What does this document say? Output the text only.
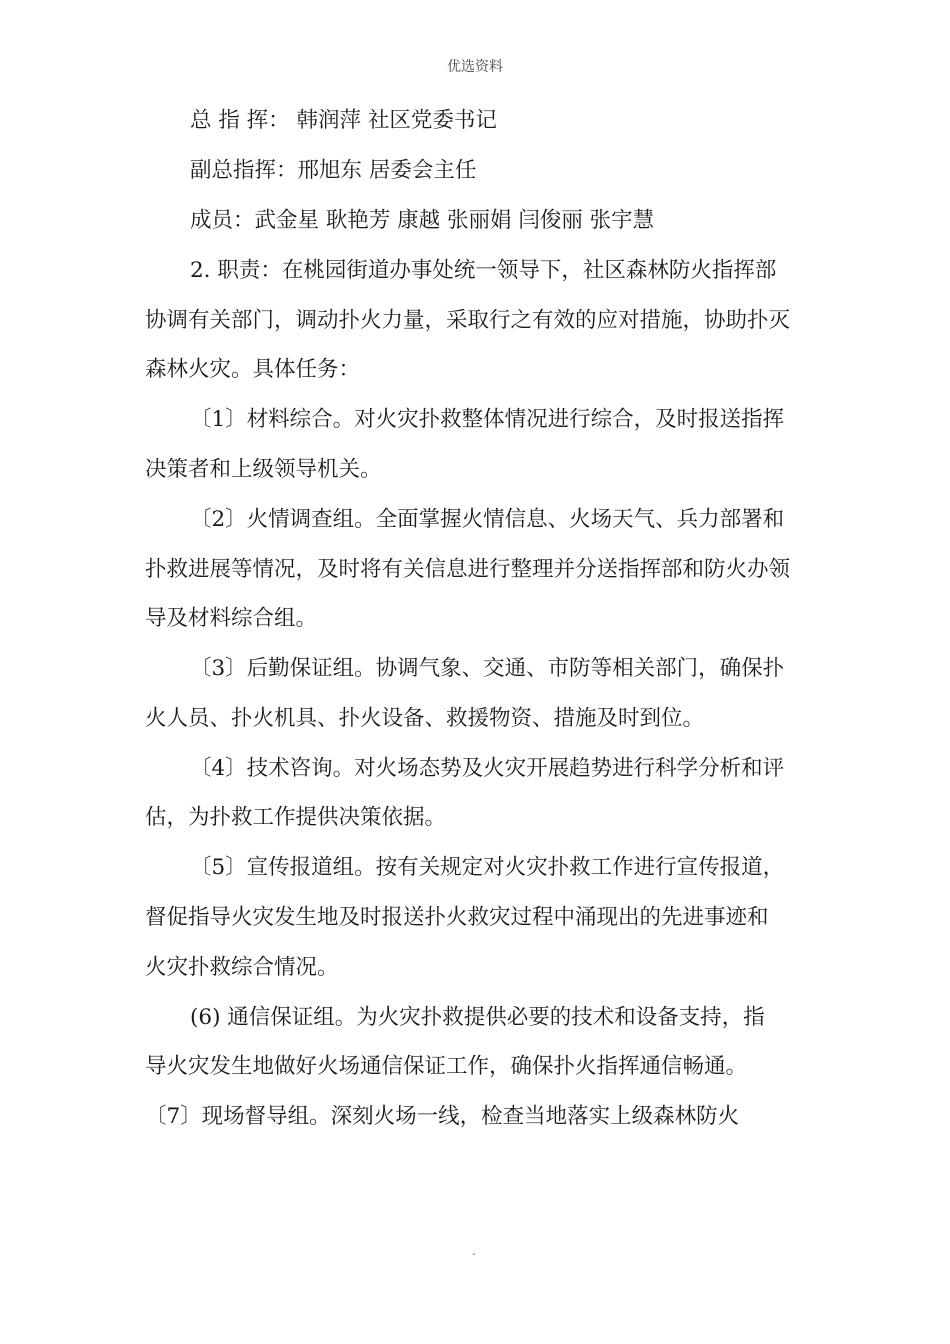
优选资料
总 指 挥： 韩润萍 社区党委书记
副总指挥：邢旭东 居委会主任
成员：武金星 耿艳芳 康越 张丽娟 闫俊丽 张宇慧
2. 职责：在桃园街道办事处统一领导下，社区森林防火指挥部
协调有关部门，调动扑火力量，采取行之有效的应对措施，协助扑灭
森林火灾。具体任务：
〔1〕材料综合。对火灾扑救整体情况进行综合，及时报送指挥
决策者和上级领导机关。
〔2〕火情调查组。全面掌握火情信息、火场天气、兵力部署和
扑救进展等情况，及时将有关信息进行整理并分送指挥部和防火办领
导及材料综合组。
〔3〕后勤保证组。协调气象、交通、市防等相关部门，确保扑
火人员、扑火机具、扑火设备、救援物资、措施及时到位。
〔4〕技术咨询。对火场态势及火灾开展趋势进行科学分析和评
估，为扑救工作提供决策依据。
〔5〕宣传报道组。按有关规定对火灾扑救工作进行宣传报道，
督促指导火灾发生地及时报送扑火救灾过程中涌现出的先进事迹和
火灾扑救综合情况。
(6) 通信保证组。为火灾扑救提供必要的技术和设备支持，指
导火灾发生地做好火场通信保证工作，确保扑火指挥通信畅通。
〔7〕现场督导组。深刻火场一线，检查当地落实上级森林防火
.
